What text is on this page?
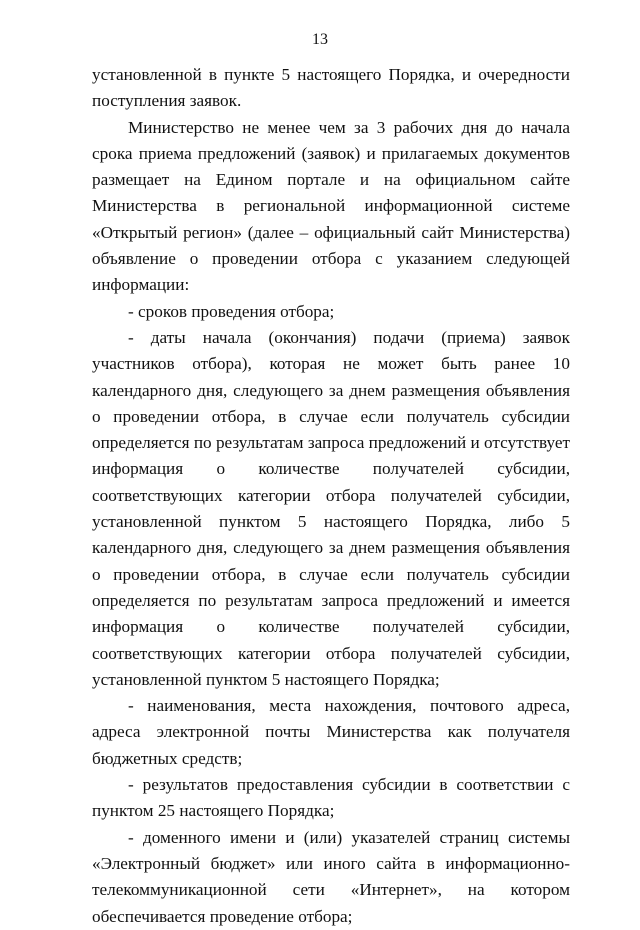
13

установленной в пункте 5 настоящего Порядка, и очередности поступления заявок.

Министерство не менее чем за 3 рабочих дня до начала срока приема предложений (заявок) и прилагаемых документов размещает на Едином портале и на официальном сайте Министерства в региональной информационной системе «Открытый регион» (далее – официальный сайт Министерства) объявление о проведении отбора с указанием следующей информации:

- сроков проведения отбора;

- даты начала (окончания) подачи (приема) заявок участников отбора), которая не может быть ранее 10 календарного дня, следующего за днем размещения объявления о проведении отбора, в случае если получатель субсидии определяется по результатам запроса предложений и отсутствует информация о количестве получателей субсидии, соответствующих категории отбора получателей субсидии, установленной пунктом 5 настоящего Порядка, либо 5 календарного дня, следующего за днем размещения объявления о проведении отбора, в случае если получатель субсидии определяется по результатам запроса предложений и имеется информация о количестве получателей субсидии, соответствующих категории отбора получателей субсидии, установленной пунктом 5 настоящего Порядка;

- наименования, места нахождения, почтового адреса, адреса электронной почты Министерства как получателя бюджетных средств;

- результатов предоставления субсидии в соответствии с пунктом 25 настоящего Порядка;

- доменного имени и (или) указателей страниц системы «Электронный бюджет» или иного сайта в информационно-телекоммуникационной сети «Интернет», на котором обеспечивается проведение отбора;
